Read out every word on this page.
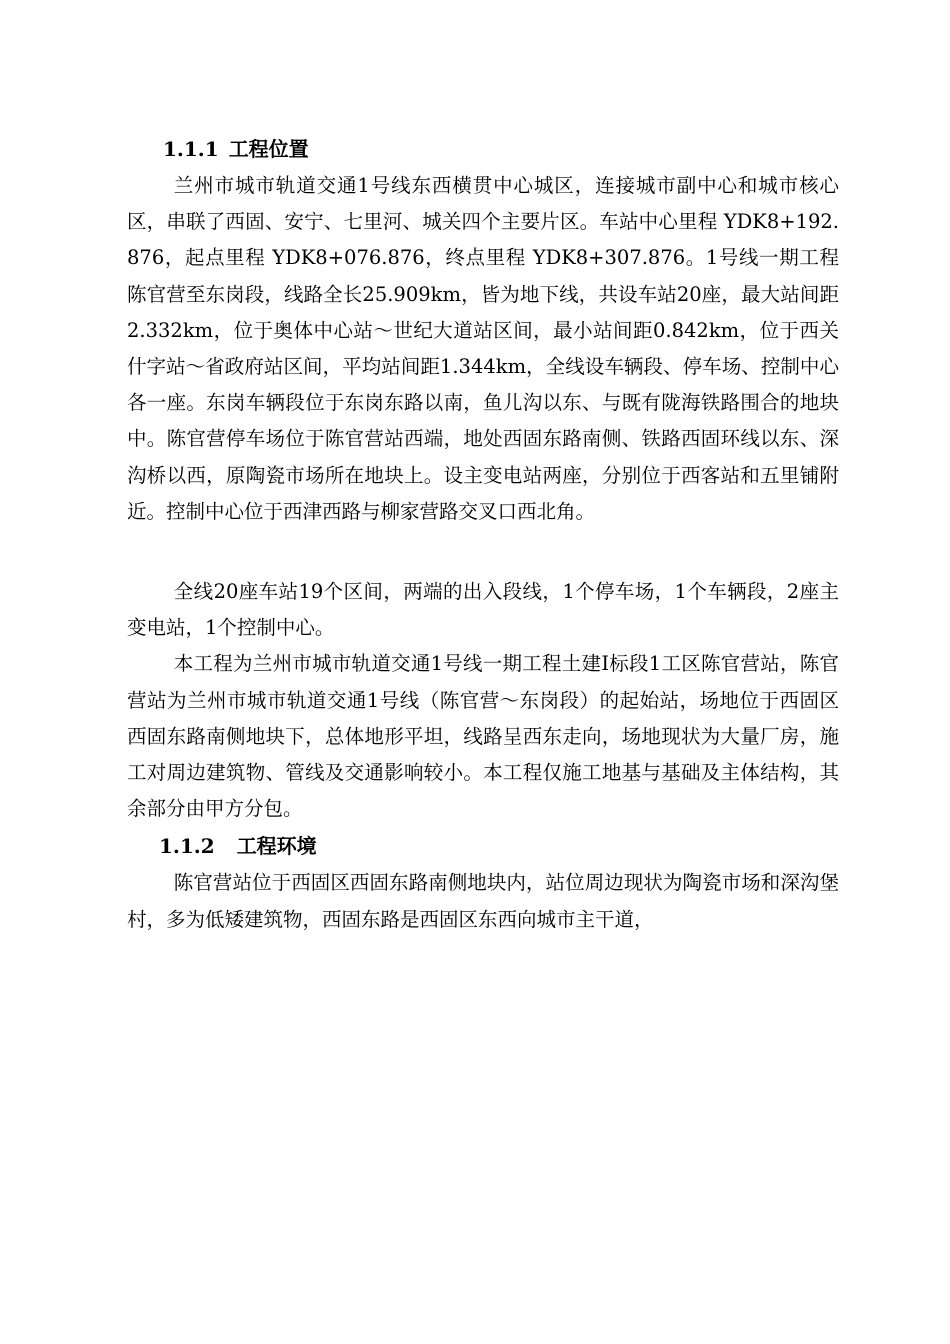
1.1.1 工程位置

兰州市城市轨道交通1号线东西横贯中心城区，连接城市副中心和城市核心区，串联了西固、安宁、七里河、城关四个主要片区。车站中心里程 YDK8+192.876，起点里程 YDK8+076.876，终点里程 YDK8+307.876。1号线一期工程陈官营至东岗段，线路全长25.909km，皆为地下线，共设车站20座，最大站间距2.332km，位于奥体中心站～世纪大道站区间，最小站间距0.842km，位于西关什字站～省政府站区间，平均站间距1.344km，全线设车辆段、停车场、控制中心各一座。东岗车辆段位于东岗东路以南，鱼儿沟以东、与既有陇海铁路围合的地块中。陈官营停车场位于陈官营站西端，地处西固东路南侧、铁路西固环线以东、深沟桥以西，原陶瓷市场所在地块上。设主变电站两座，分别位于西客站和五里铺附近。控制中心位于西津西路与柳家营路交叉口西北角。

全线20座车站19个区间，两端的出入段线，1个停车场，1个车辆段，2座主变电站，1个控制中心。

本工程为兰州市城市轨道交通1号线一期工程土建Ⅰ标段1工区陈官营站，陈官营站为兰州市城市轨道交通1号线（陈官营～东岗段）的起始站，场地位于西固区西固东路南侧地块下，总体地形平坦，线路呈西东走向，场地现状为大量厂房，施工对周边建筑物、管线及交通影响较小。本工程仅施工地基与基础及主体结构，其余部分由甲方分包。

1.1.2 工程环境

陈官营站位于西固区西固东路南侧地块内，站位周边现状为陶瓷市场和深沟堡村，多为低矮建筑物，西固东路是西固区东西向城市主干道，
